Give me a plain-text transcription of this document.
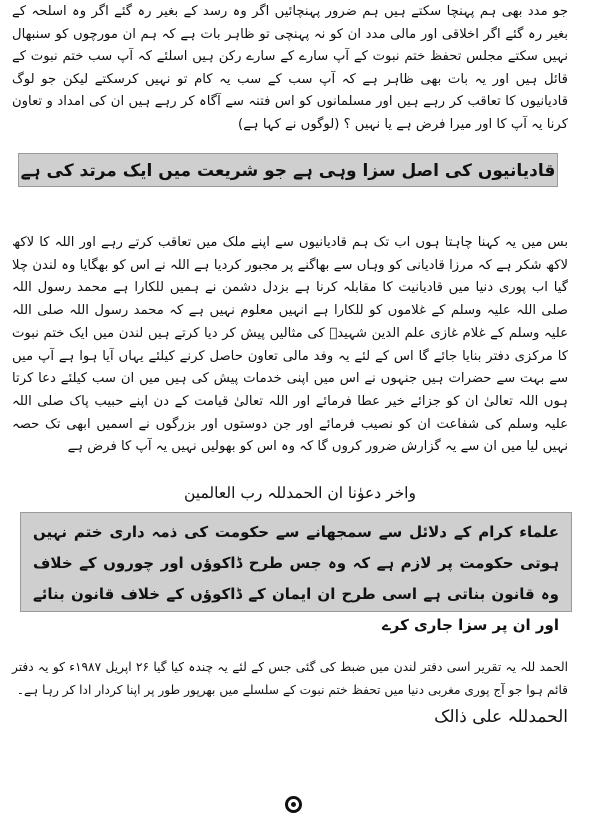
جو مدد بھی ہم پہنچا سکتے ہیں ہم ضرور پہنچائیں اگر وہ رسد کے بغیر رہ گئے اگر وہ اسلحہ کے بغیر رہ گئے اگر اخلاقی اور مالی مدد ان کو نہ پہنچی تو ظاہر بات ہے کہ ہم ان مورچوں کو سنبھال نہیں سکتے مجلس تحفظ ختم نبوت کے آپ سارے کے سارے رکن ہیں اسلئے کہ آپ سب ختم نبوت کے قائل ہیں اور یہ بات بھی ظاہر ہے کہ آپ سب کے سب یہ کام تو نہیں کرسکتے لیکن جو لوگ قادیانیوں کا تعاقب کر رہے ہیں اور مسلمانوں کو اس فتنہ سے آگاہ کر رہے ہیں ان کی امداد و تعاون کرنا یہ آپ کا اور میرا فرض ہے یا نہیں ؟ (لوگوں نے کہا ہے)

قادیانیوں کی اصل سزا وہی ہے جو شریعت میں ایک مرتد کی ہے

بس میں یہ کہنا چاہتا ہوں اب تک ہم قادیانیوں سے اپنے ملک میں تعاقب کرتے رہے اور اللہ کا لاکھ لاکھ شکر ہے کہ مرزا قادیانی کو وہاں سے بھاگنے پر مجبور کردیا ہے اللہ نے اس کو بھگایا وہ لندن چلا گیا اب پوری دنیا میں قادیانیت کا مقابلہ کرنا ہے بزدل دشمن نے ہمیں للکارا ہے محمد رسول اللہ صلی اللہ علیہ وسلم کے غلاموں کو للکارا ہے انہیں معلوم نہیں ہے کہ محمد رسول اللہ صلی اللہ علیہ وسلم کے غلام غازی علم الدین شہیدؒ کی مثالیں پیش کر دیا کرتے ہیں لندن میں ایک ختم نبوت کا مرکزی دفتر بنایا جائے گا اس کے لئے یہ وفد مالی تعاون حاصل کرنے کیلئے یہاں آیا ہوا ہے آپ میں سے بہت سے حضرات ہیں جنہوں نے اس میں اپنی خدمات پیش کی ہیں میں ان سب کیلئے دعا کرتا ہوں اللہ تعالیٰ ان کو جزائے خیر عطا فرمائے اور اللہ تعالیٰ قیامت کے دن اپنے حبیب پاک صلی اللہ علیہ وسلم کی شفاعت ان کو نصیب فرمائے اور جن دوستوں اور بزرگوں نے اسمیں ابھی تک حصہ نہیں لیا میں ان سے یہ گزارش ضرور کروں گا کہ وہ اس کو بھولیں نہیں یہ آپ کا فرض ہے

واخر دعوٰنا ان الحمدللہ رب العالمین
علماء کرام کے دلائل سے سمجھانے سے حکومت کی ذمہ داری ختم نہیں ہوتی حکومت پر لازم ہے کہ وہ جس طرح ڈاکوؤں اور چوروں کے خلاف وہ قانون بناتی ہے اسی طرح ان ایمان کے ڈاکوؤں کے خلاف قانون بنائے اور ان پر سزا جاری کرے

الحمد للہ یہ تقریر اسی دفتر لندن میں ضبط کی گئی جس کے لئے یہ چندہ کیا گیا ۲۶ اپریل ۱۹۸۷ء کو یہ دفتر قائم ہوا جو آج پوری مغربی دنیا میں تحفظ ختم نبوت کے سلسلے میں بھرپور طور پر اپنا کردار ادا کر رہا ہے۔

الحمدللہ علی ذالک
